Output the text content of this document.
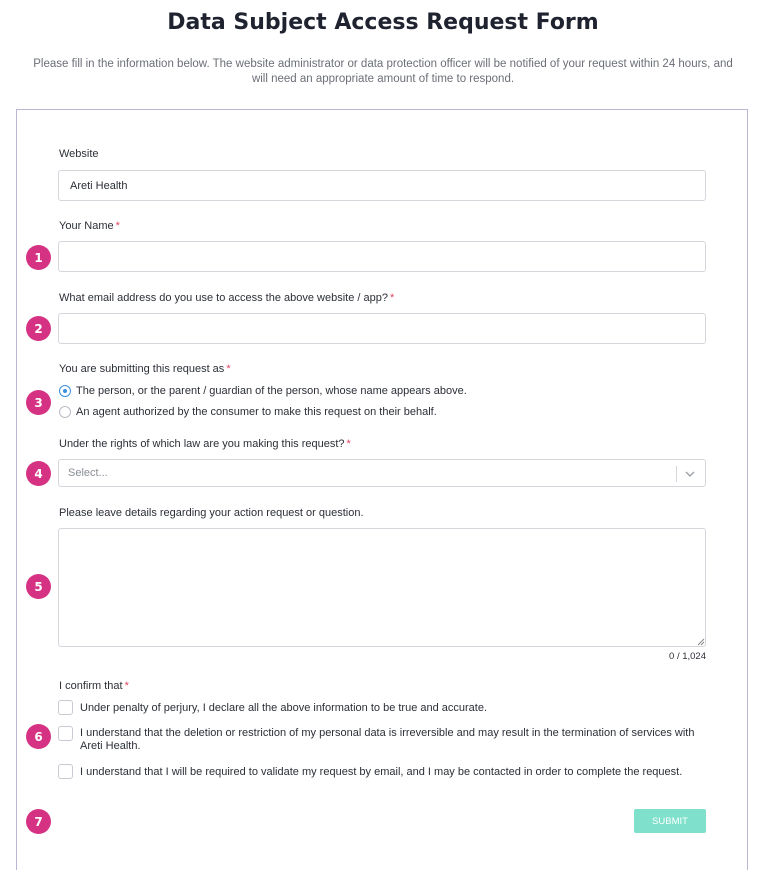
Data Subject Access Request Form
Please fill in the information below. The website administrator or data protection officer will be notified of your request within 24 hours, and will need an appropriate amount of time to respond.
Website
Areti Health
Your Name *
What email address do you use to access the above website / app? *
You are submitting this request as *
The person, or the parent / guardian of the person, whose name appears above.
An agent authorized by the consumer to make this request on their behalf.
Under the rights of which law are you making this request? *
Select...
Please leave details regarding your action request or question.
0 / 1,024
I confirm that *
Under penalty of perjury, I declare all the above information to be true and accurate.
I understand that the deletion or restriction of my personal data is irreversible and may result in the termination of services with Areti Health.
I understand that I will be required to validate my request by email, and I may be contacted in order to complete the request.
SUBMIT
1
2
3
4
5
6
7
